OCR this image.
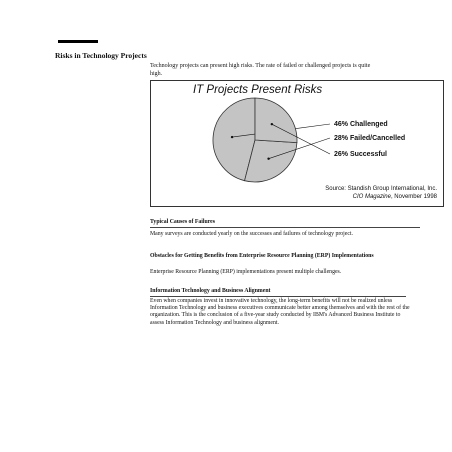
Risks in Technology Projects
Technology projects can present high risks. The rate of failed or challenged projects is quite high.
IT Projects Present Risks
46% Challenged
28% Failed/Cancelled
26% Successful
Source: Standish Group International, Inc.
CIO Magazine, November 1998
Typical Causes of Failures
Many surveys are conducted yearly on the successes and failures of technology project.
Obstacles for Getting Benefits from Enterprise Resource Planning (ERP) Implementations
Enterprise Resource Planning (ERP) implementations present multiple challenges.
Information Technology and Business Alignment
Even when companies invest in innovative technology, the long-term benefits will not be realized unless Information Technology and business executives communicate better among themselves and with the rest of the organization. This is the conclusion of a five-year study conducted by IBM's Advanced Business Institute to assess Information Technology and business alignment.
